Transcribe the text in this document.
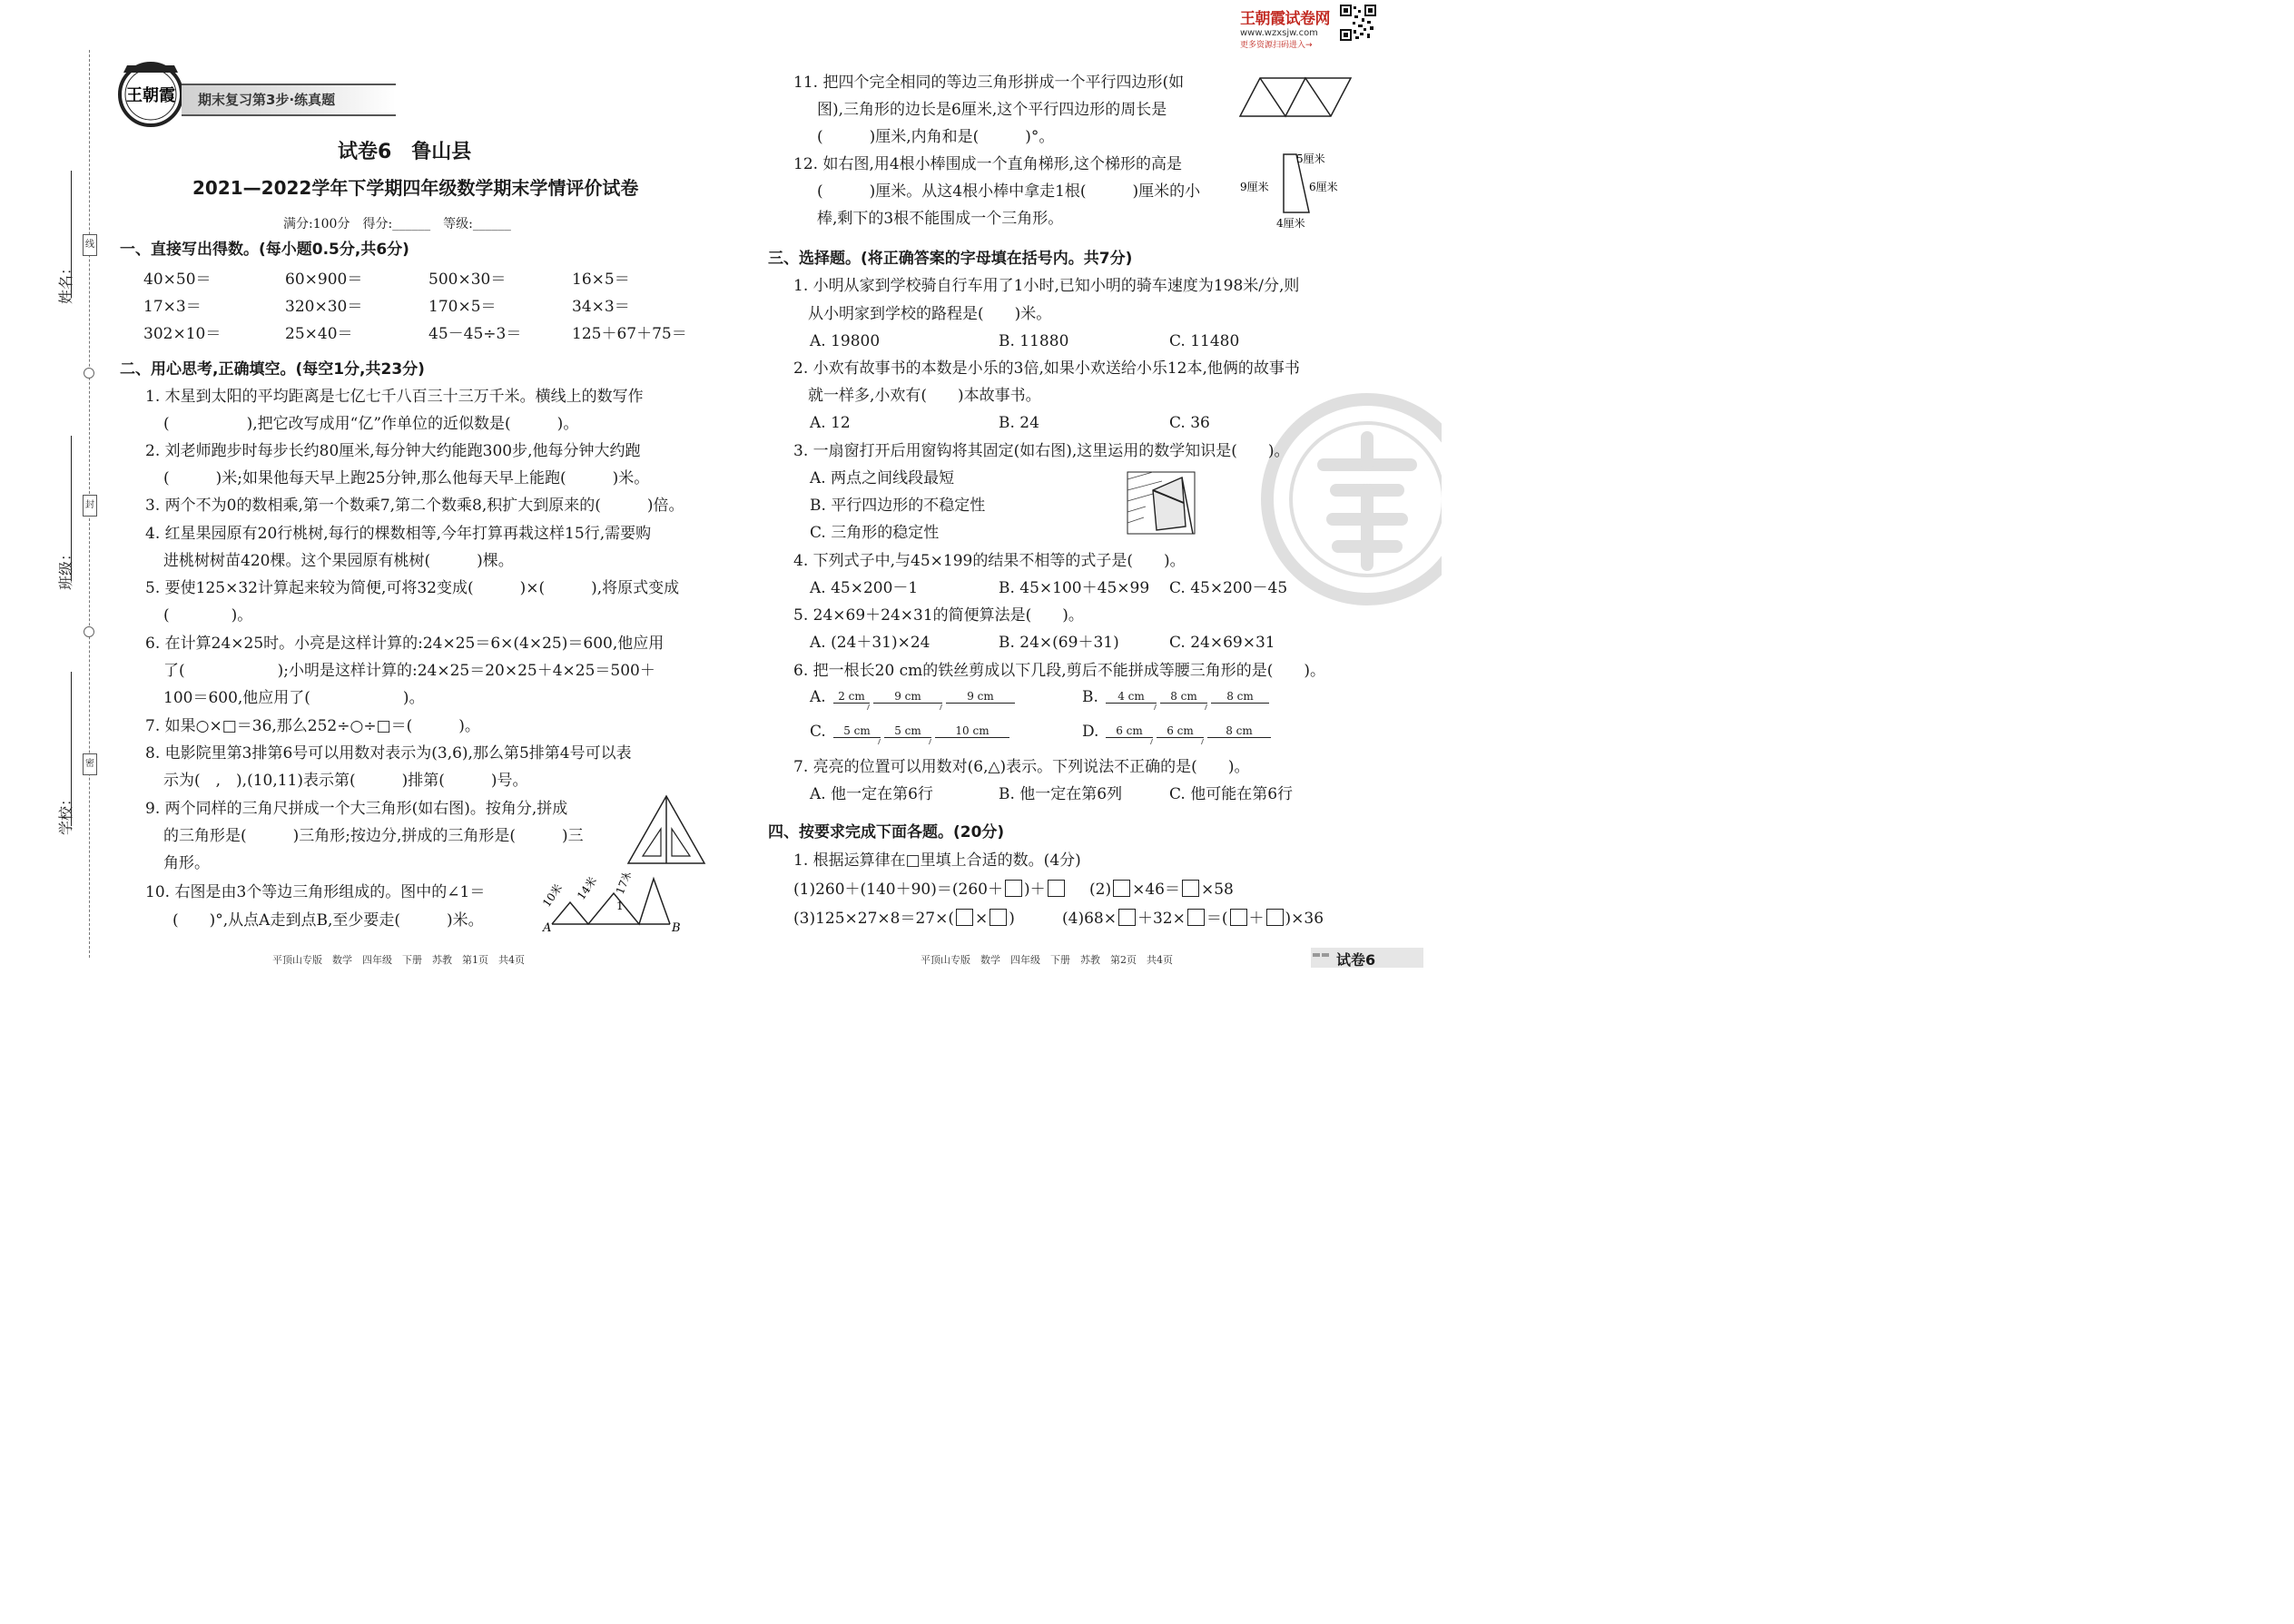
线
封
密
姓名：
班级：
学校：
王朝霞 期末复习第3步·练真题
试卷6　鲁山县
2021—2022学年下学期四年级数学期末学情评价试卷
满分:100分　得分:______　等级:______
一、直接写出得数。(每小题0.5分,共6分)
40×50＝	60×900＝	500×30＝	16×5＝
17×3＝	320×30＝	170×5＝	34×3＝
302×10＝	25×40＝	45－45÷3＝	125＋67＋75＝
二、用心思考,正确填空。(每空1分,共23分)
1. 木星到太阳的平均距离是七亿七千八百三十三万千米。横线上的数写作
(　　　　　),把它改写成用“亿”作单位的近似数是(　　　)。
2. 刘老师跑步时每步长约80厘米,每分钟大约能跑300步,他每分钟大约跑
(　　　)米;如果他每天早上跑25分钟,那么他每天早上能跑(　　　)米。
3. 两个不为0的数相乘,第一个数乘7,第二个数乘8,积扩大到原来的(　　　)倍。
4. 红星果园原有20行桃树,每行的棵数相等,今年打算再栽这样15行,需要购
进桃树树苗420棵。这个果园原有桃树(　　　)棵。
5. 要使125×32计算起来较为简便,可将32变成(　　　)×(　　　),将原式变成
(　　　　)。
6. 在计算24×25时。小亮是这样计算的:24×25＝6×(4×25)＝600,他应用
了(　　　　　　);小明是这样计算的:24×25＝20×25＋4×25＝500＋
100＝600,他应用了(　　　　　　)。
7. 如果○×□＝36,那么252÷○÷□＝(　　　)。
8. 电影院里第3排第6号可以用数对表示为(3,6),那么第5排第4号可以表
示为(　,　),(10,11)表示第(　　　)排第(　　　)号。
9. 两个同样的三角尺拼成一个大三角形(如右图)。按角分,拼成
的三角形是(　　　)三角形;按边分,拼成的三角形是(　　　)三
角形。
10. 右图是由3个等边三角形组成的。图中的∠1＝
(　　)°,从点A走到点B,至少要走(　　　)米。
11. 把四个完全相同的等边三角形拼成一个平行四边形(如
图),三角形的边长是6厘米,这个平行四边形的周长是
(　　　)厘米,内角和是(　　　)°。
12. 如右图,用4根小棒围成一个直角梯形,这个梯形的高是
(　　　)厘米。从这4根小棒中拿走1根(　　　)厘米的小
棒,剩下的3根不能围成一个三角形。
10米 14米 17米
1
A	B
5厘米
9厘米	6厘米
4厘米
三、选择题。(将正确答案的字母填在括号内。共7分)
1. 小明从家到学校骑自行车用了1小时,已知小明的骑车速度为198米/分,则
从小明家到学校的路程是(　　)米。
A. 19800	B. 11880	C. 11480
2. 小欢有故事书的本数是小乐的3倍,如果小欢送给小乐12本,他俩的故事书
就一样多,小欢有(　　)本故事书。
A. 12	B. 24	C. 36
3. 一扇窗打开后用窗钩将其固定(如右图),这里运用的数学知识是(　　)。
A. 两点之间线段最短
B. 平行四边形的不稳定性
C. 三角形的稳定性
4. 下列式子中,与45×199的结果不相等的式子是(　　)。
A. 45×200－1	B. 45×100＋45×99 C. 45×200－45
5. 24×69＋24×31的简便算法是(　　)。
A. (24＋31)×24	B. 24×(69＋31)	C. 24×69×31
6. 把一根长20 cm的铁丝剪成以下几段,剪后不能拼成等腰三角形的是(　　)。
A.	2 cm	9 cm	9 cm	B.	4 cm	8 cm	8 cm
C.	5 cm	5 cm	10 cm	D.	6 cm	6 cm	8 cm
7. 亮亮的位置可以用数对(6,△)表示。下列说法不正确的是(　　)。
A. 他一定在第6行	B. 他一定在第6列	C. 他可能在第6行
四、按要求完成下面各题。(20分)
1. 根据运算律在□里填上合适的数。(4分)
(1)260＋(140＋90)＝(260＋ )＋	(2) ×46＝ ×58
(3)125×27×8＝27×( × )	(4)68× ＋32× ＝( ＋ )×36
王朝霞试卷网
www.wzxsjw.com
更多资源扫码进入→
平顶山专版　数学　四年级　下册　苏教　第1页　共4页	平顶山专版　数学　四年级　下册　苏教　第2页　共4页	试卷6
